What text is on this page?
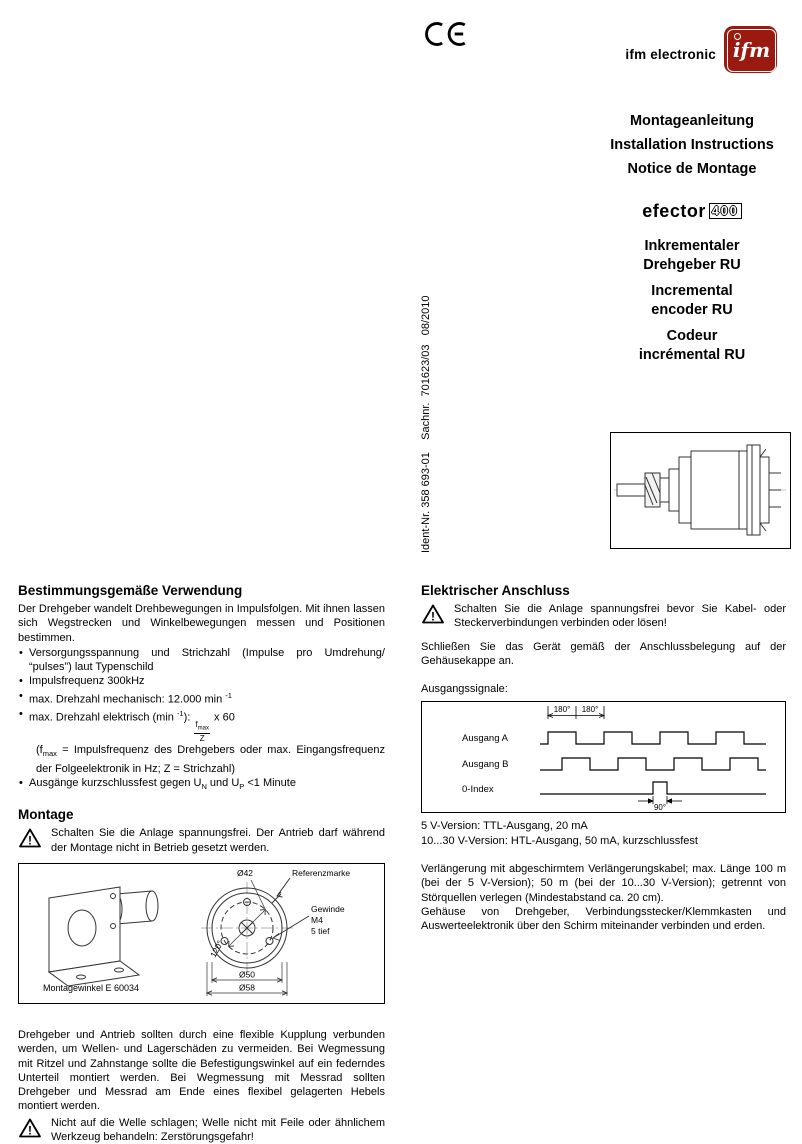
ifm electronic ifm
Montageanleitung
Installation Instructions
Notice de Montage
efector 400
Inkrementaler
Drehgeber RU
Incremental
encoder RU
Codeur
incrémental RU
Ident-Nr. 358 693-01    Sachnr.  701623/03   08/2010
Bestimmungsgemäße Verwendung

Der Drehgeber wandelt Drehbewegungen in Impulsfolgen. Mit ihnen lassen sich Wegstrecken und Winkelbewegungen messen und Positionen bestimmen.

• Versorgungsspannung und Strichzahl (Impulse pro Umdrehung/ “pulses”) laut Typenschild
• Impulsfrequenz 300kHz
• max. Drehzahl mechanisch: 12.000 min $^{-1}$
• max. Drehzahl elektrisch (min $^{-1}$):
$\frac{f_{max}}{Z}$
x 60
($f_{max}$ = Impulsfrequenz des Drehgebers oder max. Eingangsfrequenz der Folgeelektronik in Hz; Z = Strichzahl)
• Ausgänge kurzschlussfest gegen $U_N$ und $U_P <1$ Minute
Montage
!

Schalten Sie die Anlage spannungsfrei. Der Antrieb darf während der Montage nicht in Betrieb gesetzt werden.

Montagewinkel E 60034
Referenzmarke
Ø42
Gewinde
M4
5 tief
Ø50
Ø58
120°

Drehgeber und Antrieb sollten durch eine flexible Kupplung verbunden werden, um Wellen- und Lagerschäden zu vermeiden. Bei Wegmessung mit Ritzel und Zahnstange sollte die Befestigungswinkel auf ein federndes Unterteil montiert werden. Bei Wegmessung mit Messrad sollten Drehgeber und Messrad am Ende eines flexibel gelagerten Hebels montiert werden.

!

Nicht auf die Welle schlagen; Welle nicht mit Feile oder ähnlichem Werkzeug behandeln: Zerstörungsgefahr!

Elektrischer Anschluss
!

Schalten Sie die Anlage spannungsfrei bevor Sie Kabel- oder Steckerverbindungen verbinden oder lösen!

Schließen Sie das Gerät gemäß der Anschlussbelegung auf der Gehäusekappe an.

Ausgangssignale:

Ausgang A
Ausgang B
0-Index
180° 180°
90°

5 V-Version: TTL-Ausgang, 20 mA

10...30 V-Version: HTL-Ausgang, 50 mA, kurzschlussfest

Verlängerung mit abgeschirmtem Verlängerungskabel; max. Länge 100 m (bei der 5 V-Version); 50 m (bei der 10...30 V-Version); getrennt von Störquellen verlegen (Mindestabstand ca. 20 cm).

Gehäuse von Drehgeber, Verbindungsstecker/Klemmkasten und Auswerteelektronik über den Schirm miteinander verbinden und erden.
